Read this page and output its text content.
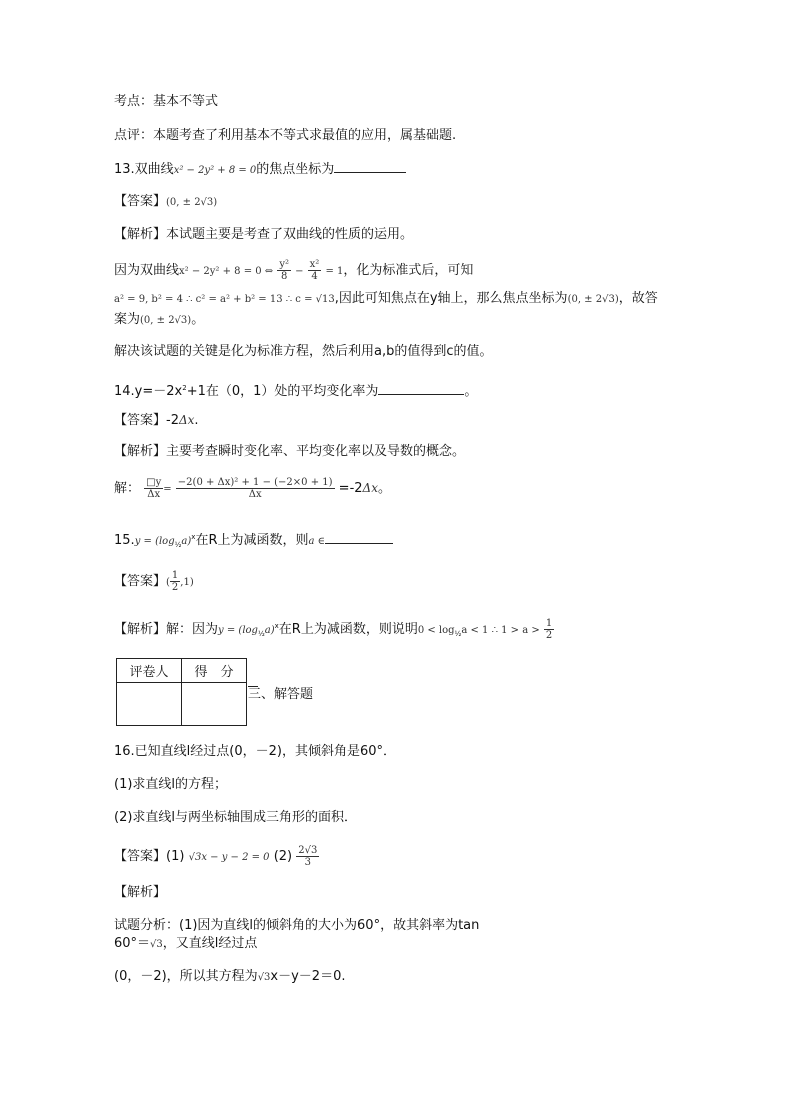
考点：基本不等式
点评：本题考查了利用基本不等式求最值的应用，属基础题.
13.双曲线x² − 2y² + 8 = 0的焦点坐标为
【答案】(0, ± 2√3)
【解析】本试题主要是考查了双曲线的性质的运用。
因为双曲线x² − 2y² + 8 = 0 ⇔ $\frac{\text{y²}}{8} - \frac{\text{x²}}{4} = 1$，化为标准式后，可知
a² = 9, b² = 4 ∴ c² = a² + b² = 13 ∴ c = √13,因此可知焦点在y轴上，那么焦点坐标为(0, ± 2√3)，故答
案为(0, ± 2√3)。
解决该试题的关键是化为标准方程，然后利用a,b的值得到c的值。
$14.y=-2x^2+1$在（0，1）处的平均变化率为	。
【答案】-2Δx.
【解析】主要考查瞬时变化率、平均变化率以及导数的概念。
解： $\frac{□y}{\Delta x} = \frac{\text{−2(0 + Δx)² + 1 − (−2×0 + 1)}}{\Delta x} =-2\Delta x$。
$15.y = (\log_{\frac{1}{2}}a)^x$在R上为减函数，则a ∈
【答案】( $\frac{1}{2} ,1$)
【解析】解：因为$y = (\log_{\frac{1}{2}}a)^x$在R上为减函数，则说明$0 < \log_{\frac{1}{2}}a < 1$ ∴ $1 > a > \frac{1}{2}$
评卷人	得　分

三、解答题
16.已知直线l经过点(0，－2)，其倾斜角是60°．
(1)求直线l的方程；
(2)求直线l与两坐标轴围成三角形的面积．
【答案】(1) √3x − y − 2 = 0 $(2) \frac{2√3}{3}$
【解析】
试题分析：(1)因为直线l的倾斜角的大小为60°，故其斜率为tan
60°＝√3，又直线l经过点
(0，－2)，所以其方程为√3x－y－2＝0.
